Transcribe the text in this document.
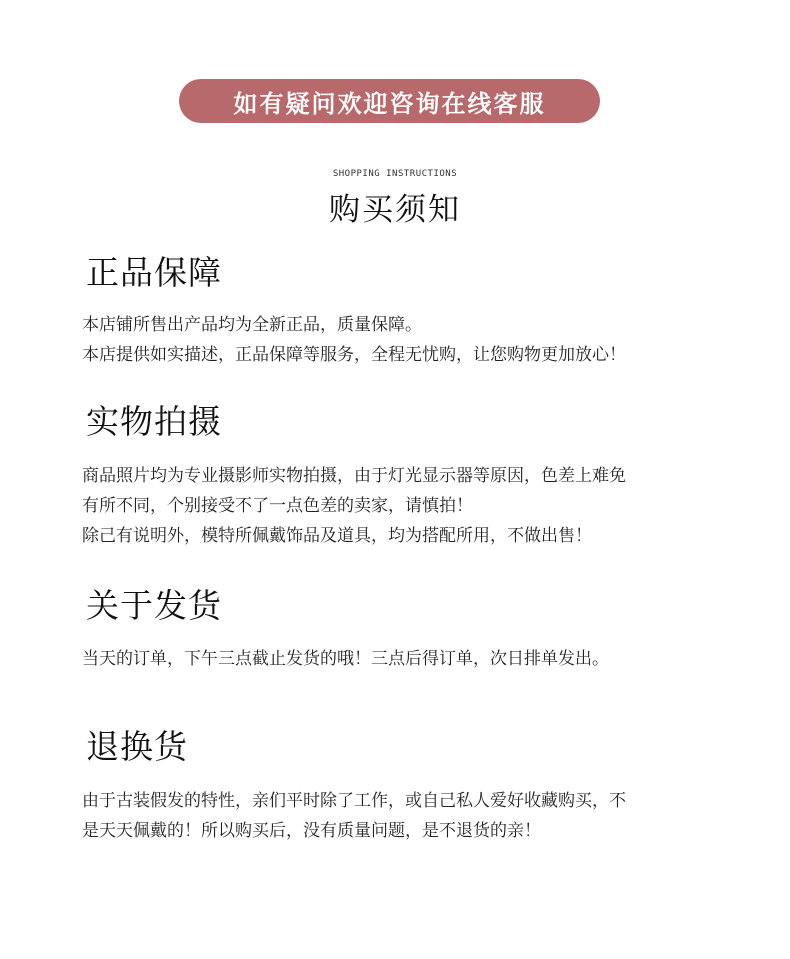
如有疑问欢迎咨询在线客服
SHOPPING INSTRUCTIONS
购买须知
正品保障

本店铺所售出产品均为全新正品，质量保障。

本店提供如实描述，正品保障等服务，全程无忧购，让您购物更加放心！

实物拍摄

商品照片均为专业摄影师实物拍摄，由于灯光显示器等原因，色差上难免

有所不同，个别接受不了一点色差的卖家，请慎拍！

除己有说明外，模特所佩戴饰品及道具，均为搭配所用，不做出售！

关于发货

当天的订单，下午三点截止发货的哦！三点后得订单，次日排单发出。

退换货

由于古装假发的特性，亲们平时除了工作，或自己私人爱好收藏购买，不

是天天佩戴的！所以购买后，没有质量问题，是不退货的亲！
